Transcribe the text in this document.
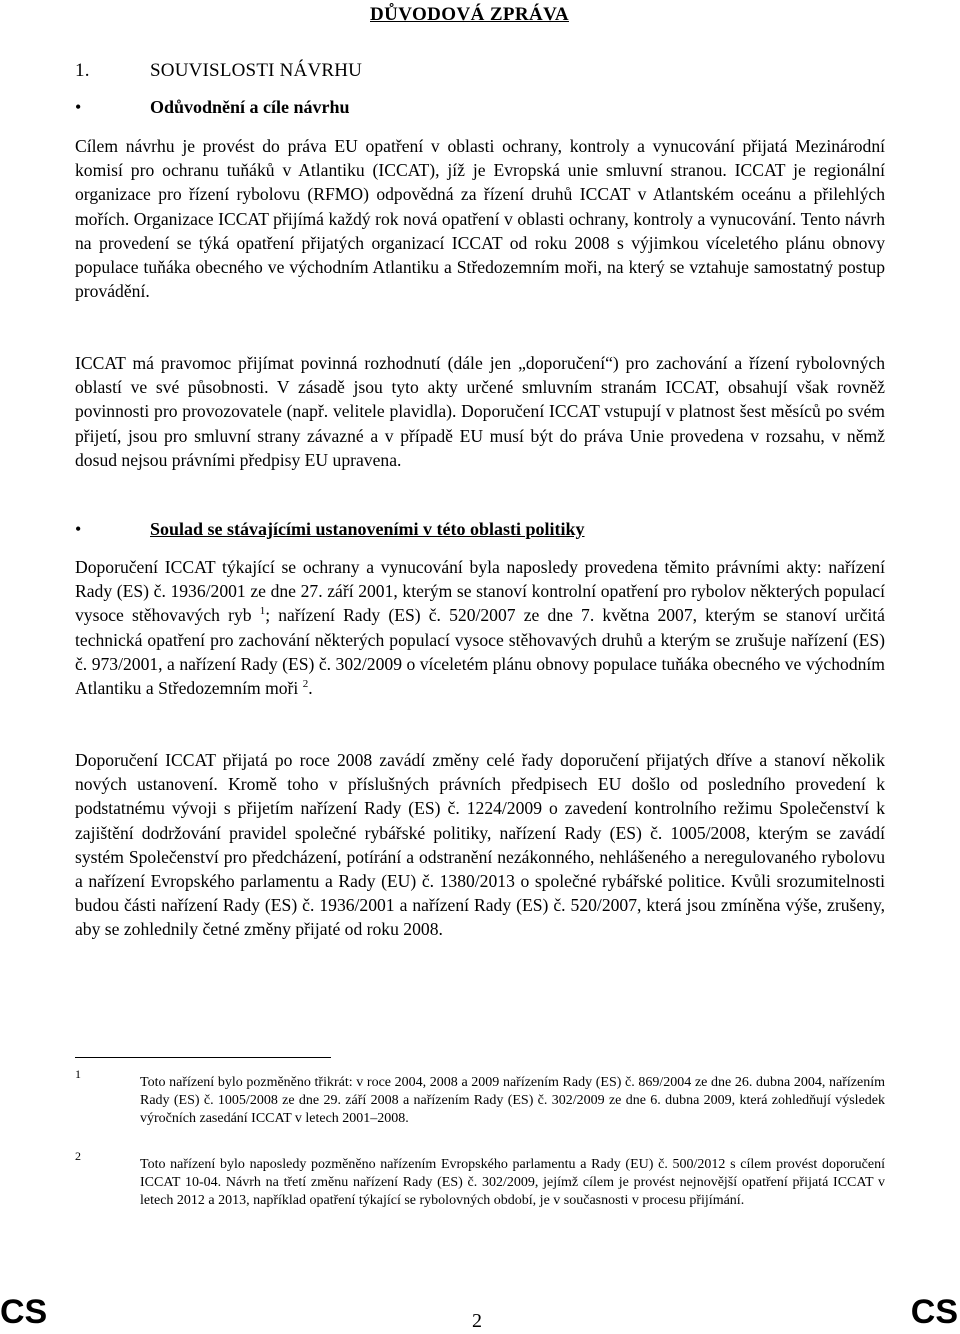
DŮVODOVÁ ZPRÁVA
1.	SOUVISLOSTI NÁVRHU
•	Odůvodnění a cíle návrhu
Cílem návrhu je provést do práva EU opatření v oblasti ochrany, kontroly a vynucování přijatá Mezinárodní komisí pro ochranu tuňáků v Atlantiku (ICCAT), jíž je Evropská unie smluvní stranou. ICCAT je regionální organizace pro řízení rybolovu (RFMO) odpovědná za řízení druhů ICCAT v Atlantském oceánu a přilehlých mořích. Organizace ICCAT přijímá každý rok nová opatření v oblasti ochrany, kontroly a vynucování. Tento návrh na provedení se týká opatření přijatých organizací ICCAT od roku 2008 s výjimkou víceletého plánu obnovy populace tuňáka obecného ve východním Atlantiku a Středozemním moři, na který se vztahuje samostatný postup provádění.
ICCAT má pravomoc přijímat povinná rozhodnutí (dále jen „doporučení“) pro zachování a řízení rybolovných oblastí ve své působnosti. V zásadě jsou tyto akty určené smluvním stranám ICCAT, obsahují však rovněž povinnosti pro provozovatele (např. velitele plavidla). Doporučení ICCAT vstupují v platnost šest měsíců po svém přijetí, jsou pro smluvní strany závazné a v případě EU musí být do práva Unie provedena v rozsahu, v němž dosud nejsou právními předpisy EU upravena.
•	Soulad se stávajícími ustanoveními v této oblasti politiky
Doporučení ICCAT týkající se ochrany a vynucování byla naposledy provedena těmito právními akty: nařízení Rady (ES) č. 1936/2001 ze dne 27. září 2001, kterým se stanoví kontrolní opatření pro rybolov některých populací vysoce stěhovavých ryb $^1$; nařízení Rady (ES) č. 520/2007 ze dne 7. května 2007, kterým se stanoví určitá technická opatření pro zachování některých populací vysoce stěhovavých druhů a kterým se zrušuje nařízení (ES) č. 973/2001, a nařízení Rady (ES) č. 302/2009 o víceletém plánu obnovy populace tuňáka obecného ve východním Atlantiku a Středozemním moři $^2$.
Doporučení ICCAT přijatá po roce 2008 zavádí změny celé řady doporučení přijatých dříve a stanoví několik nových ustanovení. Kromě toho v příslušných právních předpisech EU došlo od posledního provedení k podstatnému vývoji s přijetím nařízení Rady (ES) č. 1224/2009 o zavedení kontrolního režimu Společenství k zajištění dodržování pravidel společné rybářské politiky, nařízení Rady (ES) č. 1005/2008, kterým se zavádí systém Společenství pro předcházení, potírání a odstranění nezákonného, nehlášeného a neregulovaného rybolovu a nařízení Evropského parlamentu a Rady (EU) č. 1380/2013 o společné rybářské politice. Kvůli srozumitelnosti budou části nařízení Rady (ES) č. 1936/2001 a nařízení Rady (ES) č. 520/2007, která jsou zmíněna výše, zrušeny, aby se zohlednily četné změny přijaté od roku 2008.
1
Toto nařízení bylo pozměněno třikrát: v roce 2004, 2008 a 2009 nařízením Rady (ES) č. 869/2004 ze dne 26. dubna 2004, nařízením Rady (ES) č. 1005/2008 ze dne 29. září 2008 a nařízením Rady (ES) č. 302/2009 ze dne 6. dubna 2009, která zohledňují výsledek výročních zasedání ICCAT v letech 2001–2008.
2
Toto nařízení bylo naposledy pozměněno nařízením Evropského parlamentu a Rady (EU) č. 500/2012 s cílem provést doporučení ICCAT 10-04. Návrh na třetí změnu nařízení Rady (ES) č. 302/2009, jejímž cílem je provést nejnovější opatření přijatá ICCAT v letech 2012 a 2013, například opatření týkající se rybolovných období, je v současnosti v procesu přijímání.
CS	2	CS
